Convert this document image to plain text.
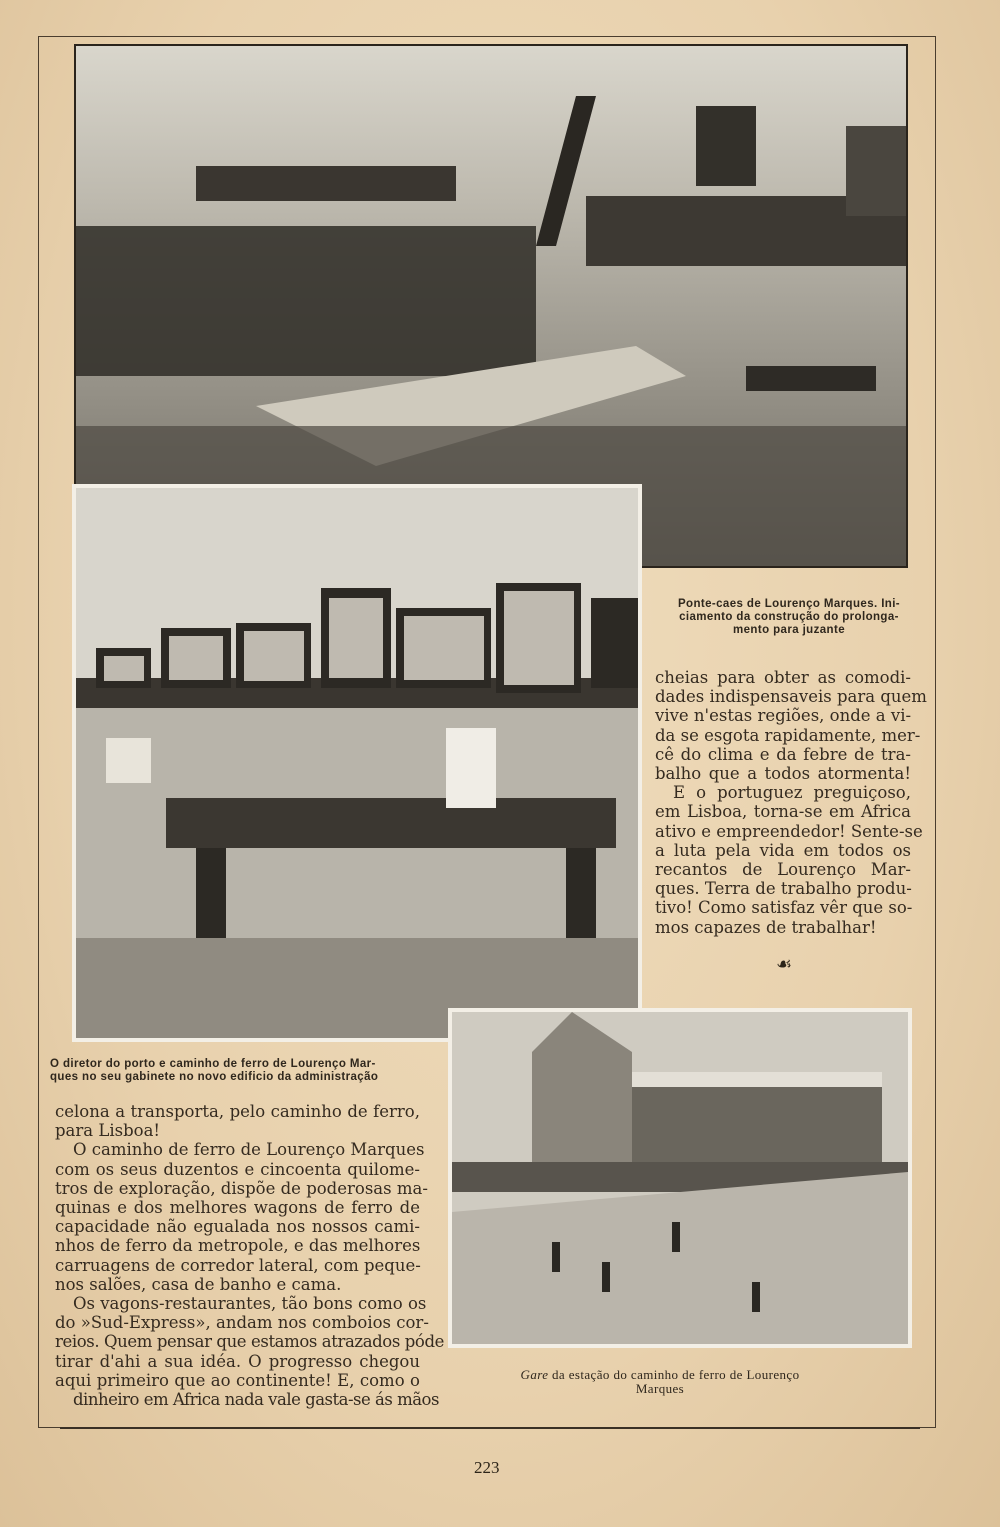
Ponte-caes de Lourenço Marques. Ini-
ciamento da construção do prolonga-
mento para juzante
O diretor do porto e caminho de ferro de Lourenço Mar-
ques no seu gabinete no novo edificio da administração
Gare da estação do caminho de ferro de Lourenço
Marques
cheias para obter as comodi-
dades indispensaveis para quem
vive n'estas regiões, onde a vi-
da se esgota rapidamente, mer-
cê do clima e da febre de tra-
balho que a todos atormenta!
E o portuguez preguiçoso,
em Lisboa, torna-se em Africa
ativo e empreendedor! Sente-se
a luta pela vida em todos os
recantos de Lourenço Mar-
ques. Terra de trabalho produ-
tivo! Como satisfaz vêr que so-
mos capazes de trabalhar!
☙
celona a transporta, pelo caminho de ferro,
para Lisboa!
O caminho de ferro de Lourenço Marques
com os seus duzentos e cincoenta quilome-
tros de exploração, dispõe de poderosas ma-
quinas e dos melhores wagons de ferro de
capacidade não egualada nos nossos cami-
nhos de ferro da metropole, e das melhores
carruagens de corredor lateral, com peque-
nos salões, casa de banho e cama.
Os vagons-restaurantes, tão bons como os
do »Sud-Express», andam nos comboios cor-
reios. Quem pensar que estamos atrazados póde
tirar d'ahi a sua idéa. O progresso chegou
aqui primeiro que ao continente! E, como o
dinheiro em Africa nada vale gasta-se ás mãos
223
